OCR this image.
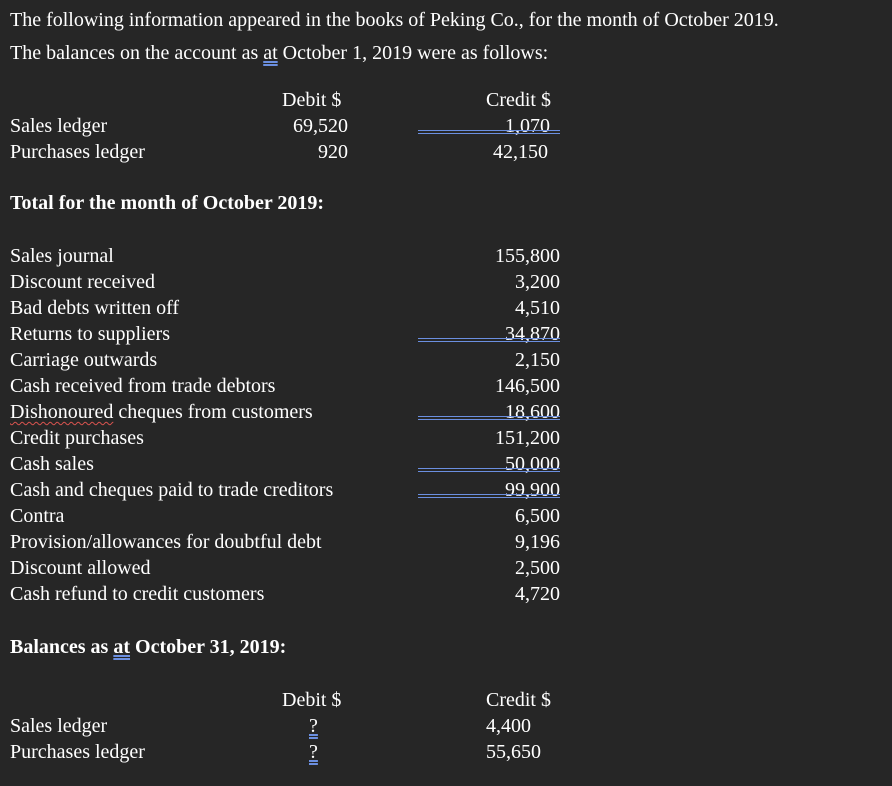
The following information appeared in the books of Peking Co., for the month of October 2019.
The balances on the account as at October 1, 2019 were as follows:
Debit $	Credit $
Sales ledger	69,520	1,070
Purchases ledger	920	42,150
Total for the month of October 2019:
Sales journal	155,800
Discount received	3,200
Bad debts written off	4,510
Returns to suppliers	34,870
Carriage outwards	2,150
Cash received from trade debtors	146,500
Dishonoured cheques from customers	18,600
Credit purchases	151,200
Cash sales	50,000
Cash and cheques paid to trade creditors	99,900
Contra	6,500
Provision/allowances for doubtful debt	9,196
Discount allowed	2,500
Cash refund to credit customers	4,720
Balances as at October 31, 2019:
Debit $	Credit $
Sales ledger	?	4,400
Purchases ledger	?	55,650
